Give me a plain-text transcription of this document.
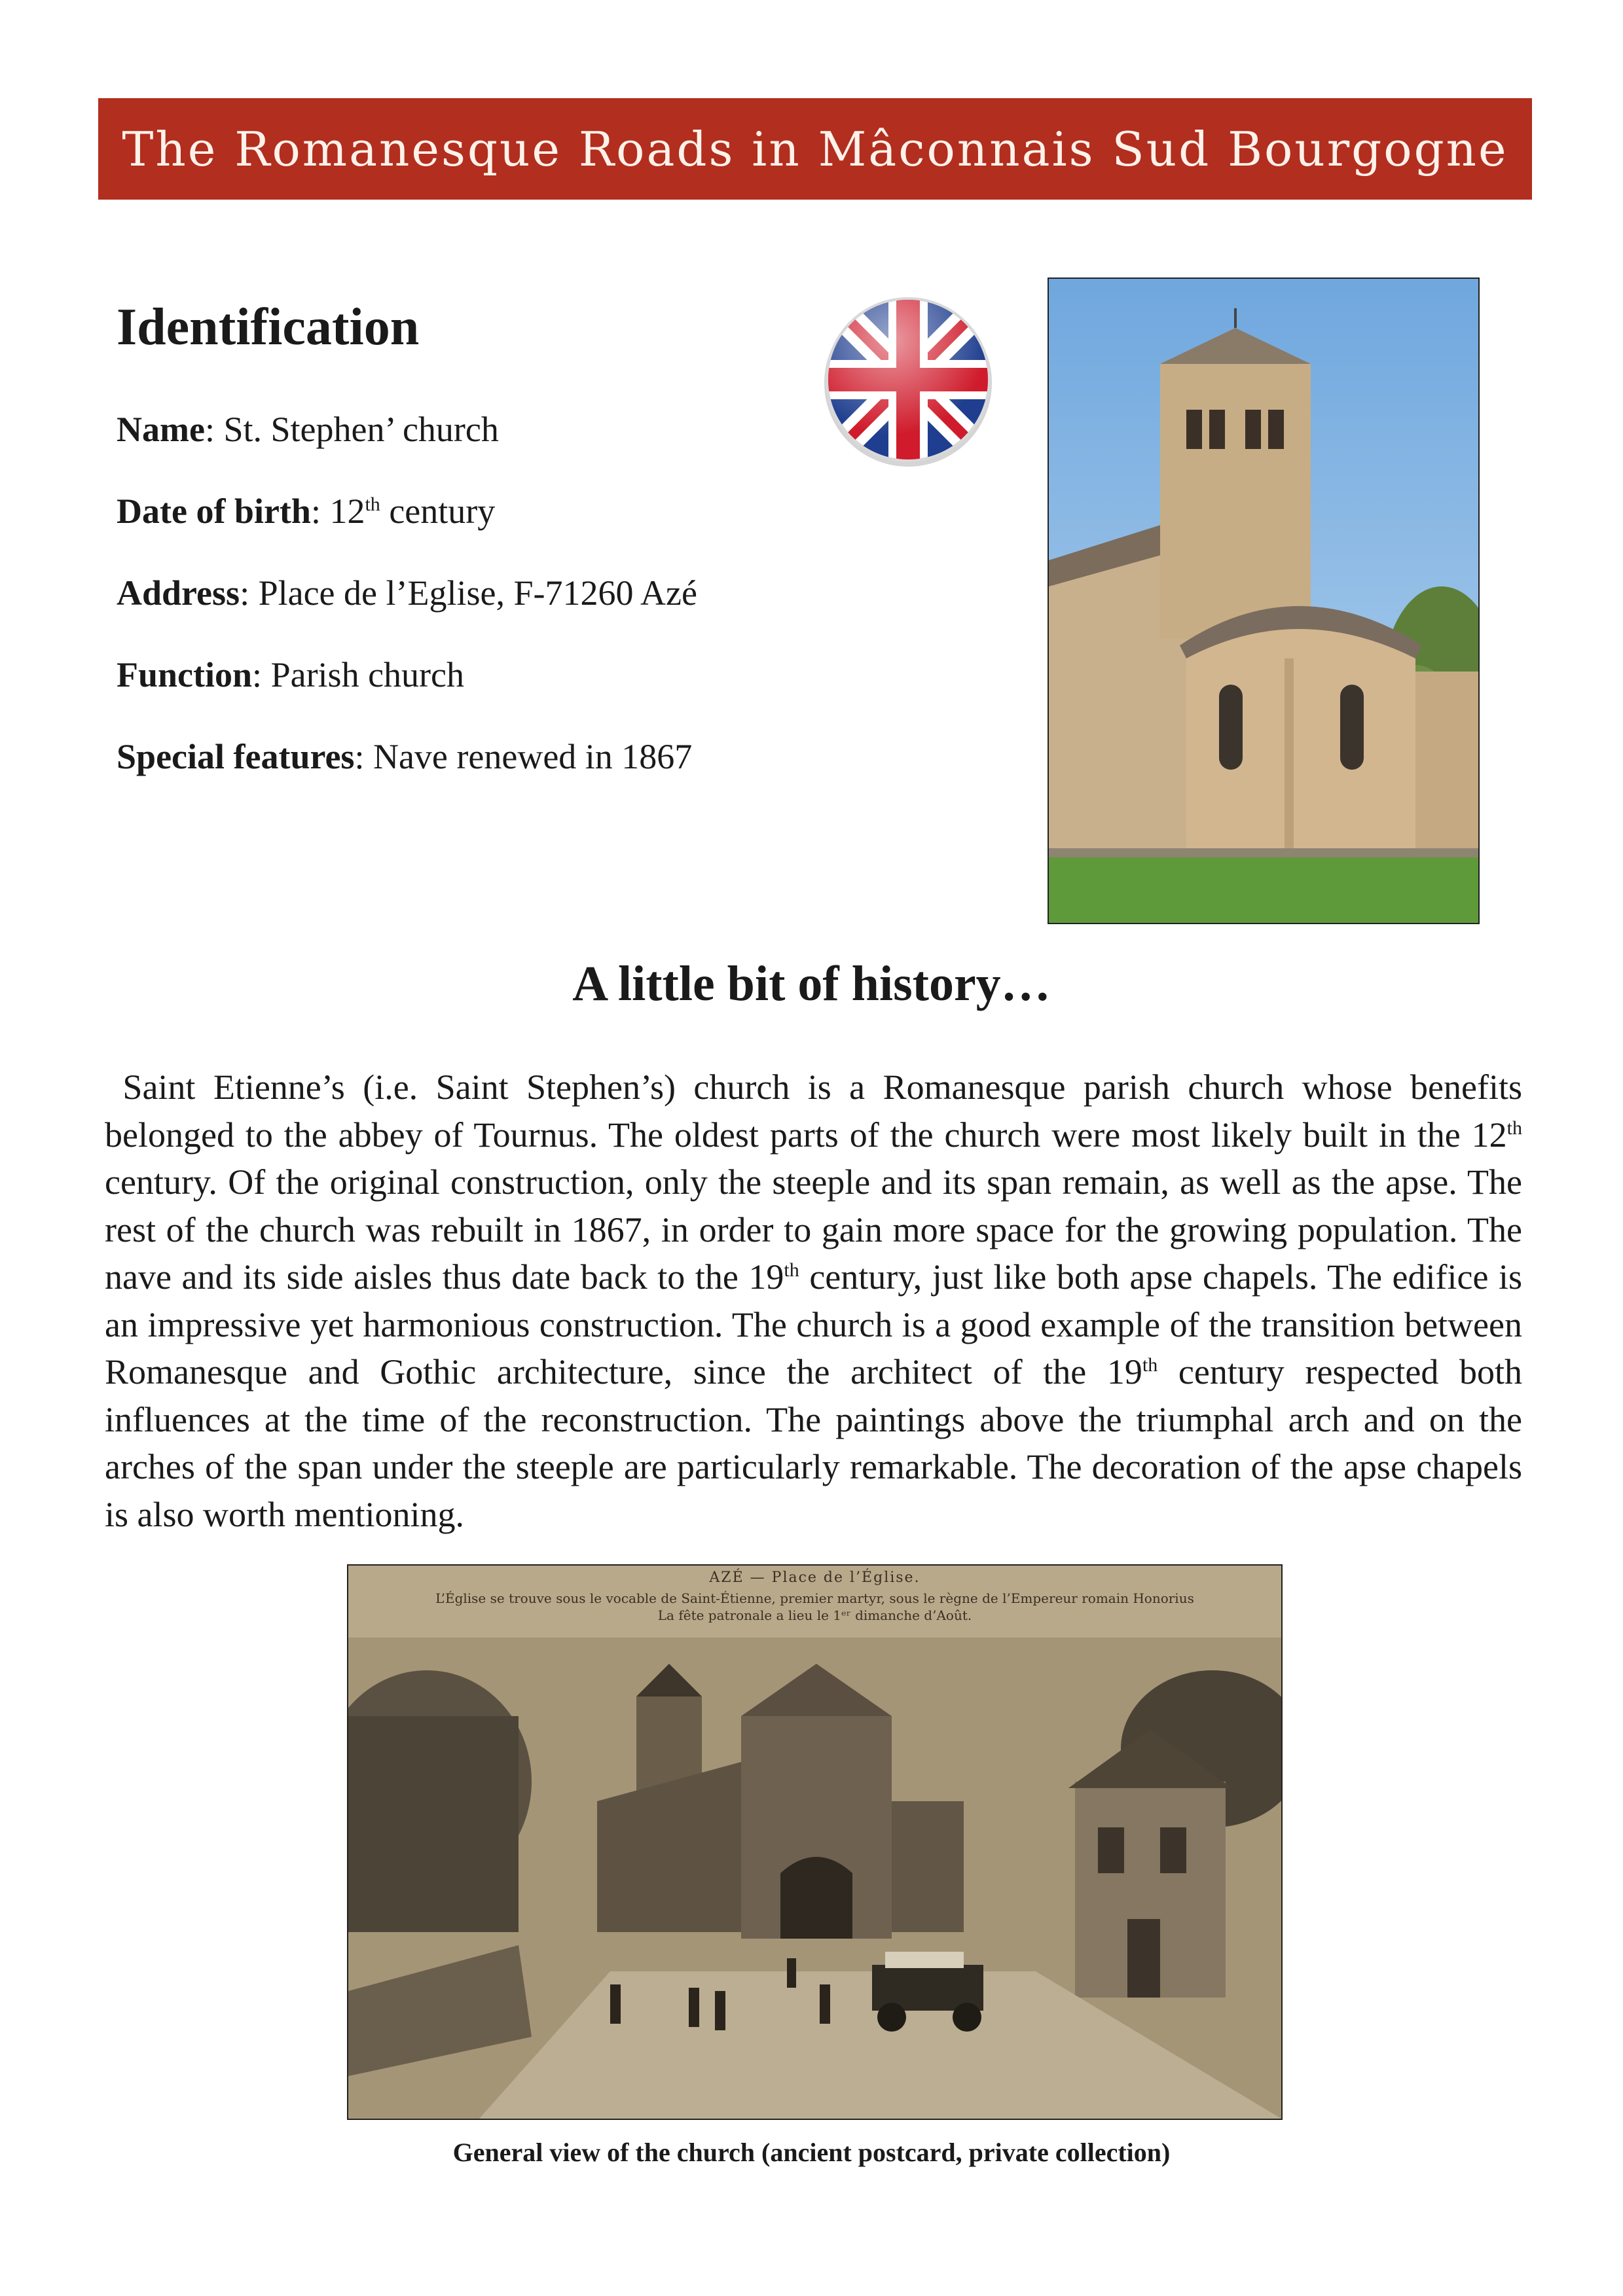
The Romanesque Roads in Mâconnais Sud Bourgogne
Identification
Name: St. Stephen’ church
Date of birth: 12th century
Address: Place de l’Eglise, F-71260 Azé
Function: Parish church
Special features: Nave renewed in 1867
A little bit of history…

Saint Etienne’s (i.e. Saint Stephen’s) church is a Romanesque parish church whose benefits belonged to the abbey of Tournus. The oldest parts of the church were most likely built in the 12th century. Of the original construction, only the steeple and its span remain, as well as the apse. The rest of the church was rebuilt in 1867, in order to gain more space for the growing population. The nave and its side aisles thus date back to the 19th century, just like both apse chapels. The edifice is an impressive yet harmonious construction. The church is a good example of the transition between Romanesque and Gothic architecture, since the architect of the 19th century respected both influences at the time of the reconstruction. The paintings above the triumphal arch and on the arches of the span under the steeple are particularly remarkable. The decoration of the apse chapels is also worth mentioning.

AZÉ — Place de l’Église.
L’Église se trouve sous le vocable de Saint-Étienne, premier martyr, sous le règne de l’Empereur romain Honorius
La fête patronale a lieu le 1ᵉʳ dimanche d’Août.
General view of the church (ancient postcard, private collection)
